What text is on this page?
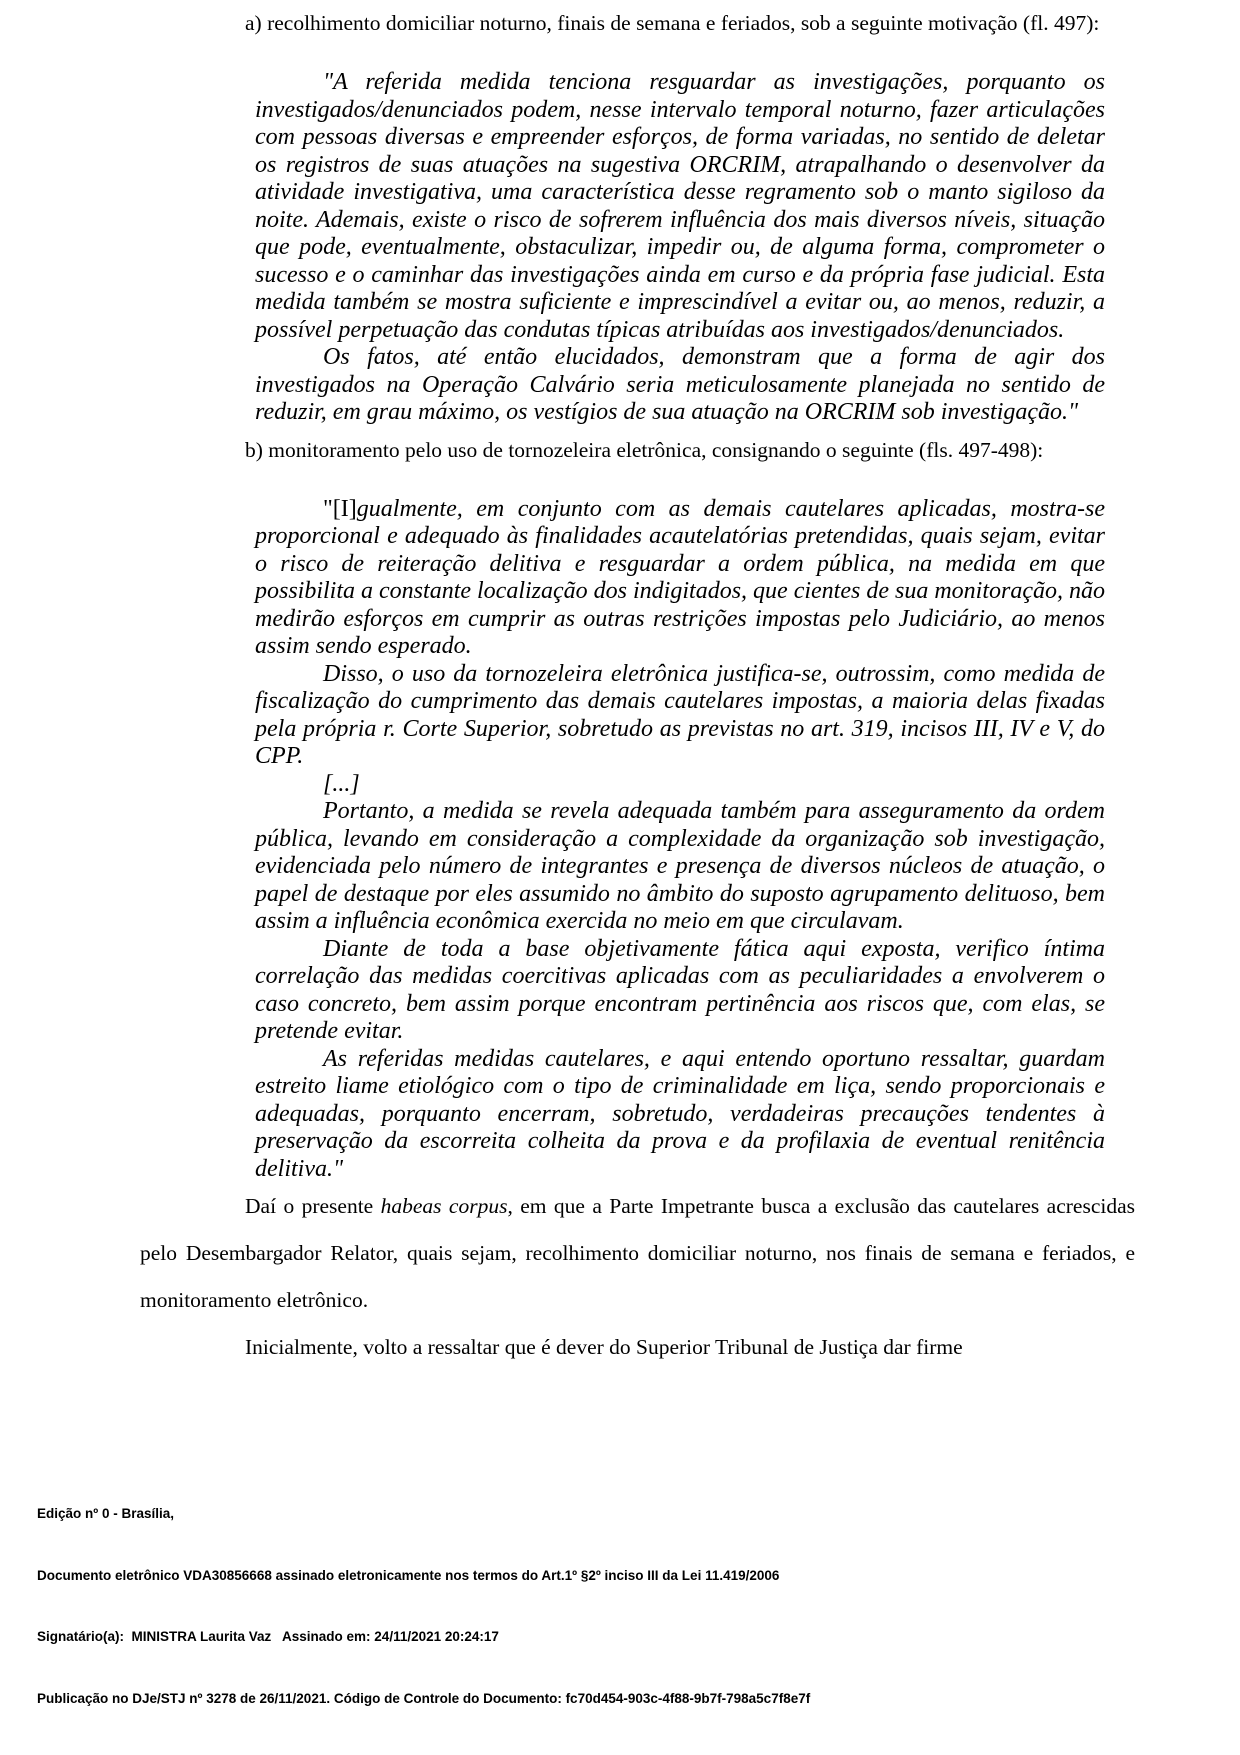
a) recolhimento domiciliar noturno, finais de semana e feriados, sob a seguinte motivação (fl. 497):

"A referida medida tenciona resguardar as investigações, porquanto os investigados/denunciados podem, nesse intervalo temporal noturno, fazer articulações com pessoas diversas e empreender esforços, de forma variadas, no sentido de deletar os registros de suas atuações na sugestiva ORCRIM, atrapalhando o desenvolver da atividade investigativa, uma característica desse regramento sob o manto sigiloso da noite. Ademais, existe o risco de sofrerem influência dos mais diversos níveis, situação que pode, eventualmente, obstaculizar, impedir ou, de alguma forma, comprometer o sucesso e o caminhar das investigações ainda em curso e da própria fase judicial. Esta medida também se mostra suficiente e imprescindível a evitar ou, ao menos, reduzir, a possível perpetuação das condutas típicas atribuídas aos investigados/denunciados.

Os fatos, até então elucidados, demonstram que a forma de agir dos investigados na Operação Calvário seria meticulosamente planejada no sentido de reduzir, em grau máximo, os vestígios de sua atuação na ORCRIM sob investigação."

b) monitoramento pelo uso de tornozeleira eletrônica, consignando o seguinte (fls. 497-498):

"[I]gualmente, em conjunto com as demais cautelares aplicadas, mostra-se proporcional e adequado às finalidades acautelatórias pretendidas, quais sejam, evitar o risco de reiteração delitiva e resguardar a ordem pública, na medida em que possibilita a constante localização dos indigitados, que cientes de sua monitoração, não medirão esforços em cumprir as outras restrições impostas pelo Judiciário, ao menos assim sendo esperado.

Disso, o uso da tornozeleira eletrônica justifica-se, outrossim, como medida de fiscalização do cumprimento das demais cautelares impostas, a maioria delas fixadas pela própria r. Corte Superior, sobretudo as previstas no art. 319, incisos III, IV e V, do CPP.

[...]

Portanto, a medida se revela adequada também para asseguramento da ordem pública, levando em consideração a complexidade da organização sob investigação, evidenciada pelo número de integrantes e presença de diversos núcleos de atuação, o papel de destaque por eles assumido no âmbito do suposto agrupamento delituoso, bem assim a influência econômica exercida no meio em que circulavam.

Diante de toda a base objetivamente fática aqui exposta, verifico íntima correlação das medidas coercitivas aplicadas com as peculiaridades a envolverem o caso concreto, bem assim porque encontram pertinência aos riscos que, com elas, se pretende evitar.

As referidas medidas cautelares, e aqui entendo oportuno ressaltar, guardam estreito liame etiológico com o tipo de criminalidade em liça, sendo proporcionais e adequadas, porquanto encerram, sobretudo, verdadeiras precauções tendentes à preservação da escorreita colheita da prova e da profilaxia de eventual renitência delitiva."

Daí o presente habeas corpus, em que a Parte Impetrante busca a exclusão das cautelares acrescidas pelo Desembargador Relator, quais sejam, recolhimento domiciliar noturno, nos finais de semana e feriados, e monitoramento eletrônico.

Inicialmente, volto a ressaltar que é dever do Superior Tribunal de Justiça dar firme

Edição nº 0 - Brasília,

Documento eletrônico VDA30856668 assinado eletronicamente nos termos do Art.1º §2º inciso III da Lei 11.419/2006

Signatário(a):  MINISTRA Laurita Vaz   Assinado em: 24/11/2021 20:24:17

Publicação no DJe/STJ nº 3278 de 26/11/2021. Código de Controle do Documento: fc70d454-903c-4f88-9b7f-798a5c7f8e7f
